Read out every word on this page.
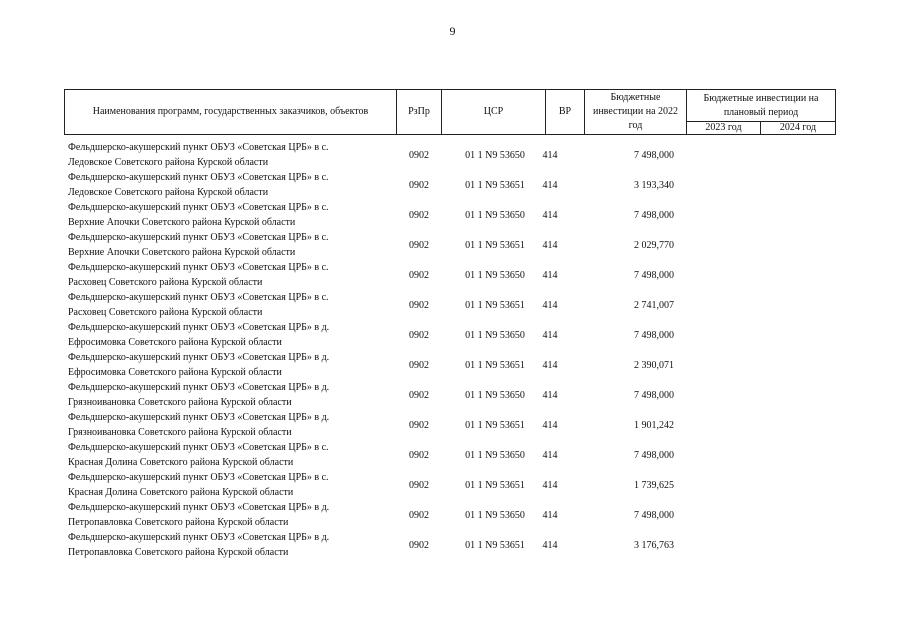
9
Наименования программ, государственных заказчиков, объектов	РзПр	ЦСР	ВР
Бюджетные инвестиции на 2022 год
Бюджетные инвестиции на плановый период
2023 год	2024 год
Фельдшерско-акушерский пункт ОБУЗ «Советская ЦРБ» в с.
Ледовское Советского района Курской области
0902	01 1 N9 53650	414	7 498,000
Фельдшерско-акушерский пункт ОБУЗ «Советская ЦРБ» в с.
Ледовское Советского района Курской области
0902	01 1 N9 53651	414	3 193,340
Фельдшерско-акушерский пункт ОБУЗ «Советская ЦРБ» в с.
Верхние Апочки Советского района Курской области
0902	01 1 N9 53650	414	7 498,000
Фельдшерско-акушерский пункт ОБУЗ «Советская ЦРБ» в с.
Верхние Апочки Советского района Курской области
0902	01 1 N9 53651	414	2 029,770
Фельдшерско-акушерский пункт ОБУЗ «Советская ЦРБ» в с.
Расховец Советского района Курской области
0902	01 1 N9 53650	414	7 498,000
Фельдшерско-акушерский пункт ОБУЗ «Советская ЦРБ» в с.
Расховец Советского района Курской области
0902	01 1 N9 53651	414	2 741,007
Фельдшерско-акушерский пункт ОБУЗ «Советская ЦРБ» в д.
Ефросимовка Советского района Курской области
0902	01 1 N9 53650	414	7 498,000
Фельдшерско-акушерский пункт ОБУЗ «Советская ЦРБ» в д.
Ефросимовка Советского района Курской области
0902	01 1 N9 53651	414	2 390,071
Фельдшерско-акушерский пункт ОБУЗ «Советская ЦРБ» в д.
Грязноивановка Советского района Курской области
0902	01 1 N9 53650	414	7 498,000
Фельдшерско-акушерский пункт ОБУЗ «Советская ЦРБ» в д.
Грязноивановка Советского района Курской области
0902	01 1 N9 53651	414	1 901,242
Фельдшерско-акушерский пункт ОБУЗ «Советская ЦРБ» в с.
Красная Долина Советского района Курской области
0902	01 1 N9 53650	414	7 498,000
Фельдшерско-акушерский пункт ОБУЗ «Советская ЦРБ» в с.
Красная Долина Советского района Курской области
0902	01 1 N9 53651	414	1 739,625
Фельдшерско-акушерский пункт ОБУЗ «Советская ЦРБ» в д.
Петропавловка Советского района Курской области
0902	01 1 N9 53650	414	7 498,000
Фельдшерско-акушерский пункт ОБУЗ «Советская ЦРБ» в д.
Петропавловка Советского района Курской области
0902	01 1 N9 53651	414	3 176,763
